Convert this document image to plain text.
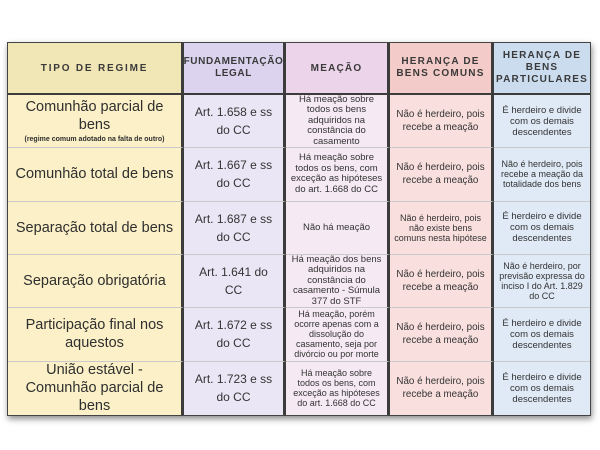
TIPO DE REGIME
FUNDAMENTAÇÃO LEGAL	MEAÇÃO
HERANÇA DE BENS COMUNS
HERANÇA DE BENS PARTICULARES
Comunhão parcial de bens
(regime comum adotado na falta de outro)
Art. 1.658 e ss do CC
Há meação sobre todos os bens adquiridos na constância do casamento
Não é herdeiro, pois recebe a meação
É herdeiro e divide com os demais descendentes
Comunhão total de bens
Art. 1.667 e ss do CC
Há meação sobre todos os bens, com exceção as hipóteses do art. 1.668 do CC
Não é herdeiro, pois recebe a meação
Não é herdeiro, pois recebe a meação da totalidade dos bens
Separação total de bens
Art. 1.687 e ss do CC
Não há meação
Não é herdeiro, pois não existe bens comuns nesta hipótese
É herdeiro e divide com os demais descendentes
Separação obrigatória
Art. 1.641 do CC
Há meação dos bens adquiridos na constância do casamento - Súmula 377 do STF
Não é herdeiro, pois recebe a meação
Não é herdeiro, por previsão expressa do inciso I do Art. 1.829 do CC
Participação final nos aquestos
Art. 1.672 e ss do CC
Há meação, porém ocorre apenas com a dissolução do casamento, seja por divórcio ou por morte
Não é herdeiro, pois recebe a meação
É herdeiro e divide com os demais descendentes
União estável - Comunhão parcial de bens
Art. 1.723 e ss do CC
Há meação sobre todos os bens, com exceção as hipóteses do art. 1.668 do CC
Não é herdeiro, pois recebe a meação
É herdeiro e divide com os demais descendentes
